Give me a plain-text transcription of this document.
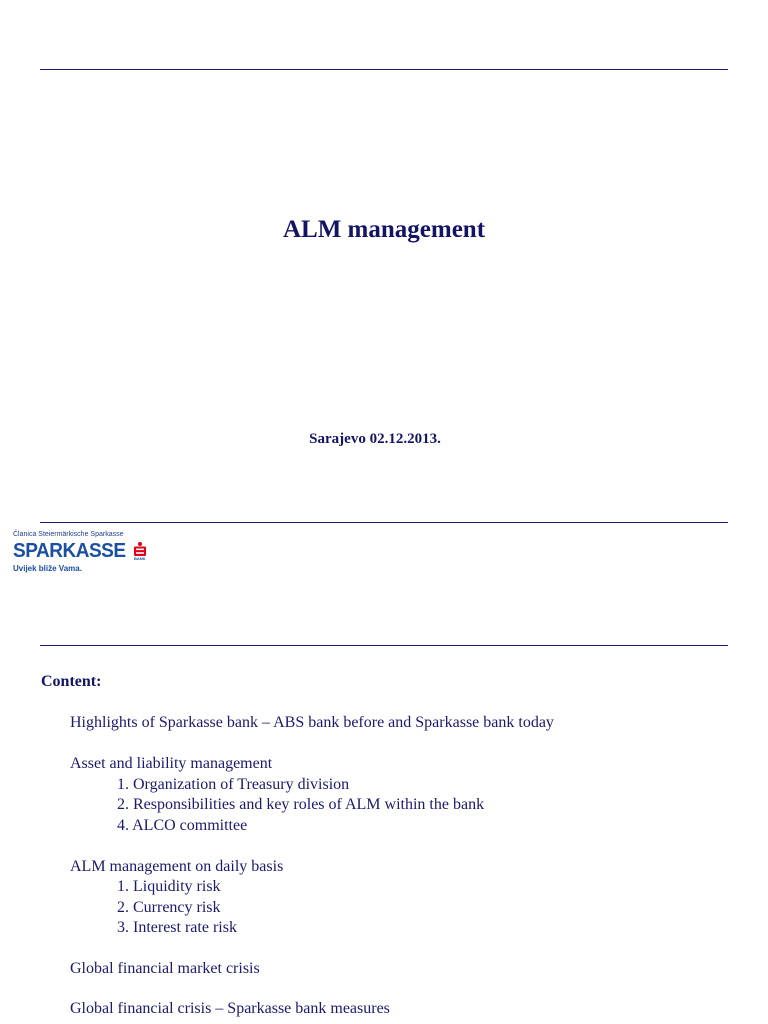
ALM management
Sarajevo 02.12.2013.
Članica Steiermärkische Sparkasse
SPARKASSE BANK
Uvijek bliže Vama.
Content:
Highlights of Sparkasse bank – ABS bank before and Sparkasse bank today
Asset and liability management
1. Organization of Treasury division
2. Responsibilities and key roles of ALM within the bank
4. ALCO committee
ALM management on daily basis
1. Liquidity risk
2. Currency risk
3. Interest rate risk
Global financial market crisis
Global financial crisis – Sparkasse bank measures
